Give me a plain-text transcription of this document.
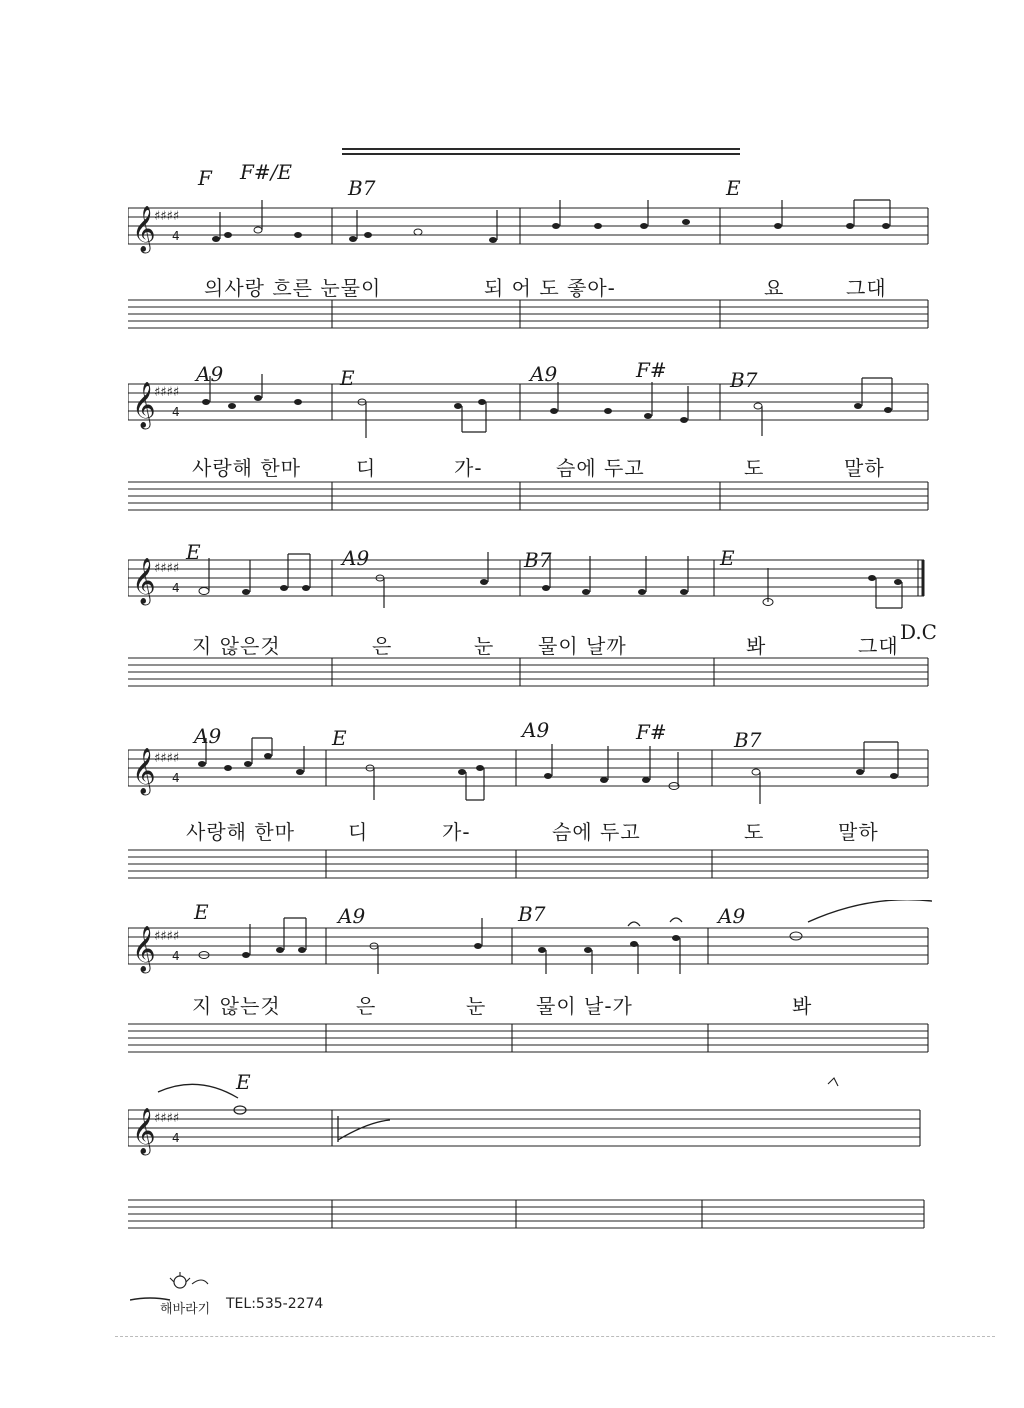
𝄞
♯♯♯♯
4
F F#/E
B7	E
의사랑 흐른 눈물이	되 어 도 좋아-	요	그대
𝄞
♯♯♯♯
4
A9	E	A9	F#	B7
사랑해 한마	디	가-	슴에 두고	도	말하
𝄞
♯♯♯♯
4
E	A9	B7	E
D.C
지 않은것	은	눈 물이 날까	봐	그대
𝄞
♯♯♯♯
4
A9	E	A9	F#	B7
사랑해 한마	디	가-	슴에 두고	도	말하
𝄞
♯♯♯♯
4
E	A9	B7	A9
지 않는것	은	눈 물이 날-가	봐
𝄞
♯♯♯♯
4
E
해바라기 TEL:535-2274
